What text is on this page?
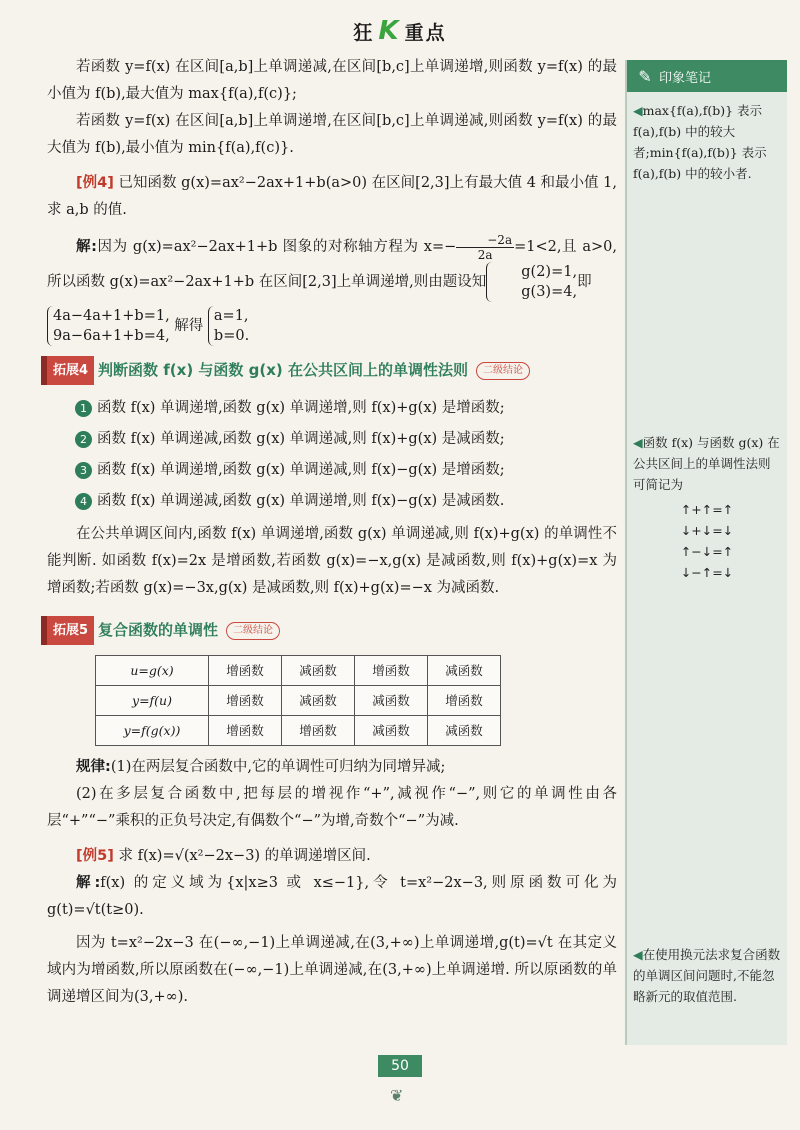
狂 K 重点

若函数 y=f(x) 在区间[a,b]上单调递减,在区间[b,c]上单调递增,则函数 y=f(x) 的最小值为 f(b),最大值为 max{f(a),f(c)};

若函数 y=f(x) 在区间[a,b]上单调递增,在区间[b,c]上单调递减,则函数 y=f(x) 的最大值为 f(b),最小值为 min{f(a),f(c)}.

[ 例4 ] 已知函数 g(x)=ax²−2ax+1+b(a>0) 在区间[2,3]上有最大值 4 和最小值 1,求 a,b 的值.

解:因为 g(x)=ax²−2ax+1+b 图象的对称轴方程为 $x=- \frac{-2a}{2a}=1<2$,且 a>0,所以函数 g(x)=ax²−2ax+1+b 在区间[2,3]上单调递增,则由题设知
g(2)=1,
g(3)=4,
即

4a−4a+1+b=1,
9a−6a+1+b=4,
解得
a=1,
b=0.

拓展4 判断函数 f(x) 与函数 g(x) 在公共区间上的单调性法则	二级结论
1 函数 f(x) 单调递增,函数 g(x) 单调递增,则 f(x)+g(x) 是增函数;
2 函数 f(x) 单调递减,函数 g(x) 单调递减,则 f(x)+g(x) 是减函数;
3 函数 f(x) 单调递增,函数 g(x) 单调递减,则 f(x)−g(x) 是增函数;
4 函数 f(x) 单调递减,函数 g(x) 单调递增,则 f(x)−g(x) 是减函数.

在公共单调区间内,函数 f(x) 单调递增,函数 g(x) 单调递减,则 f(x)+g(x) 的单调性不能判断. 如函数 f(x)=2x 是增函数,若函数 g(x)=−x,g(x) 是减函数,则 f(x)+g(x)=x 为增函数;若函数 g(x)=−3x,g(x) 是减函数,则 f(x)+g(x)=−x 为减函数.

拓展5 复合函数的单调性	二级结论
u=g(x)	增函数	减函数	增函数	减函数
y=f(u)	增函数	减函数	减函数	增函数
y=f(g(x))	增函数	增函数	减函数	减函数

规律:(1)在两层复合函数中,它的单调性可归纳为同增异减;

(2)在多层复合函数中,把每层的增视作“+”,减视作“−”,则它的单调性由各层“+”“−”乘积的正负号决定,有偶数个“−”为增,奇数个“−”为减.

[ 例5 ] 求 f(x)=√(x²−2x−3) 的单调递增区间.

解:f(x) 的定义域为{x|x≥3 或 x≤−1},令 t=x²−2x−3,则原函数可化为 g(t)=√t(t≥0).

因为 t=x²−2x−3 在(−∞,−1)上单调递减,在(3,+∞)上单调递增,g(t)=√t 在其定义域内为增函数,所以原函数在(−∞,−1)上单调递减,在(3,+∞)上单调递增. 所以原函数的单调递增区间为(3,+∞).

✎ 印象笔记
◀max{f(a),f(b)} 表示 f(a),f(b) 中的较大者;min{f(a),f(b)} 表示 f(a),f(b) 中的较小者.
◀函数 f(x) 与函数 g(x) 在公共区间上的单调性法则可简记为
↑+↑=↑
↓+↓=↓
↑−↓=↑
↓−↑=↓
◀在使用换元法求复合函数的单调区间问题时,不能忽略新元的取值范围.
50
❦
